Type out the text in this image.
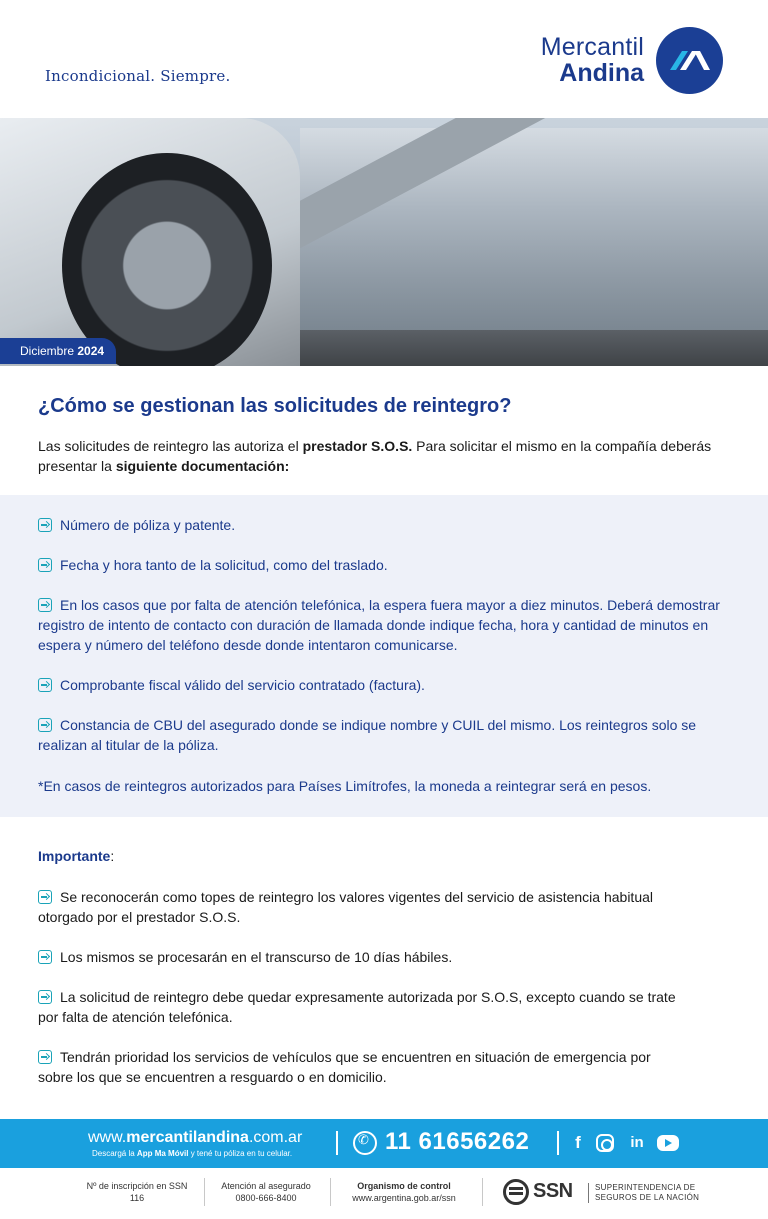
Incondicional. Siempre.
Mercantil
Andina
Diciembre 2024
¿Cómo se gestionan las solicitudes de reintegro?

Las solicitudes de reintegro las autoriza el prestador S.O.S. Para solicitar el mismo en la compañía deberás presentar la siguiente documentación:

Número de póliza y patente.
Fecha y hora tanto de la solicitud, como del traslado.
En los casos que por falta de atención telefónica, la espera fuera mayor a diez minutos. Deberá demostrar registro de intento de contacto con duración de llamada donde indique fecha, hora y cantidad de minutos en espera y número del teléfono desde donde intentaron comunicarse.
Comprobante fiscal válido del servicio contratado (factura).
Constancia de CBU del asegurado donde se indique nombre y CUIL del mismo. Los reintegros solo se realizan al titular de la póliza.
*En casos de reintegros autorizados para Países Limítrofes, la moneda a reintegrar será en pesos.
Importante:
Se reconocerán como topes de reintegro los valores vigentes del servicio de asistencia habitual otorgado por el prestador S.O.S.
Los mismos se procesarán en el transcurso de 10 días hábiles.
La solicitud de reintegro debe quedar expresamente autorizada por S.O.S, excepto cuando se trate por falta de atención telefónica.
Tendrán prioridad los servicios de vehículos que se encuentren en situación de emergencia por sobre los que se encuentren a resguardo o en domicilio.
www.mercantilandina.com.ar
Descargá la App Ma Móvil y tené tu póliza en tu celular.
✆	11 61656262	f	in
Nº de inscripción en SSN
116
Atención al asegurado
0800-666-8400
Organismo de control
www.argentina.gob.ar/ssn	SSN	SUPERINTENDENCIA DE
SEGUROS DE LA NACIÓN
